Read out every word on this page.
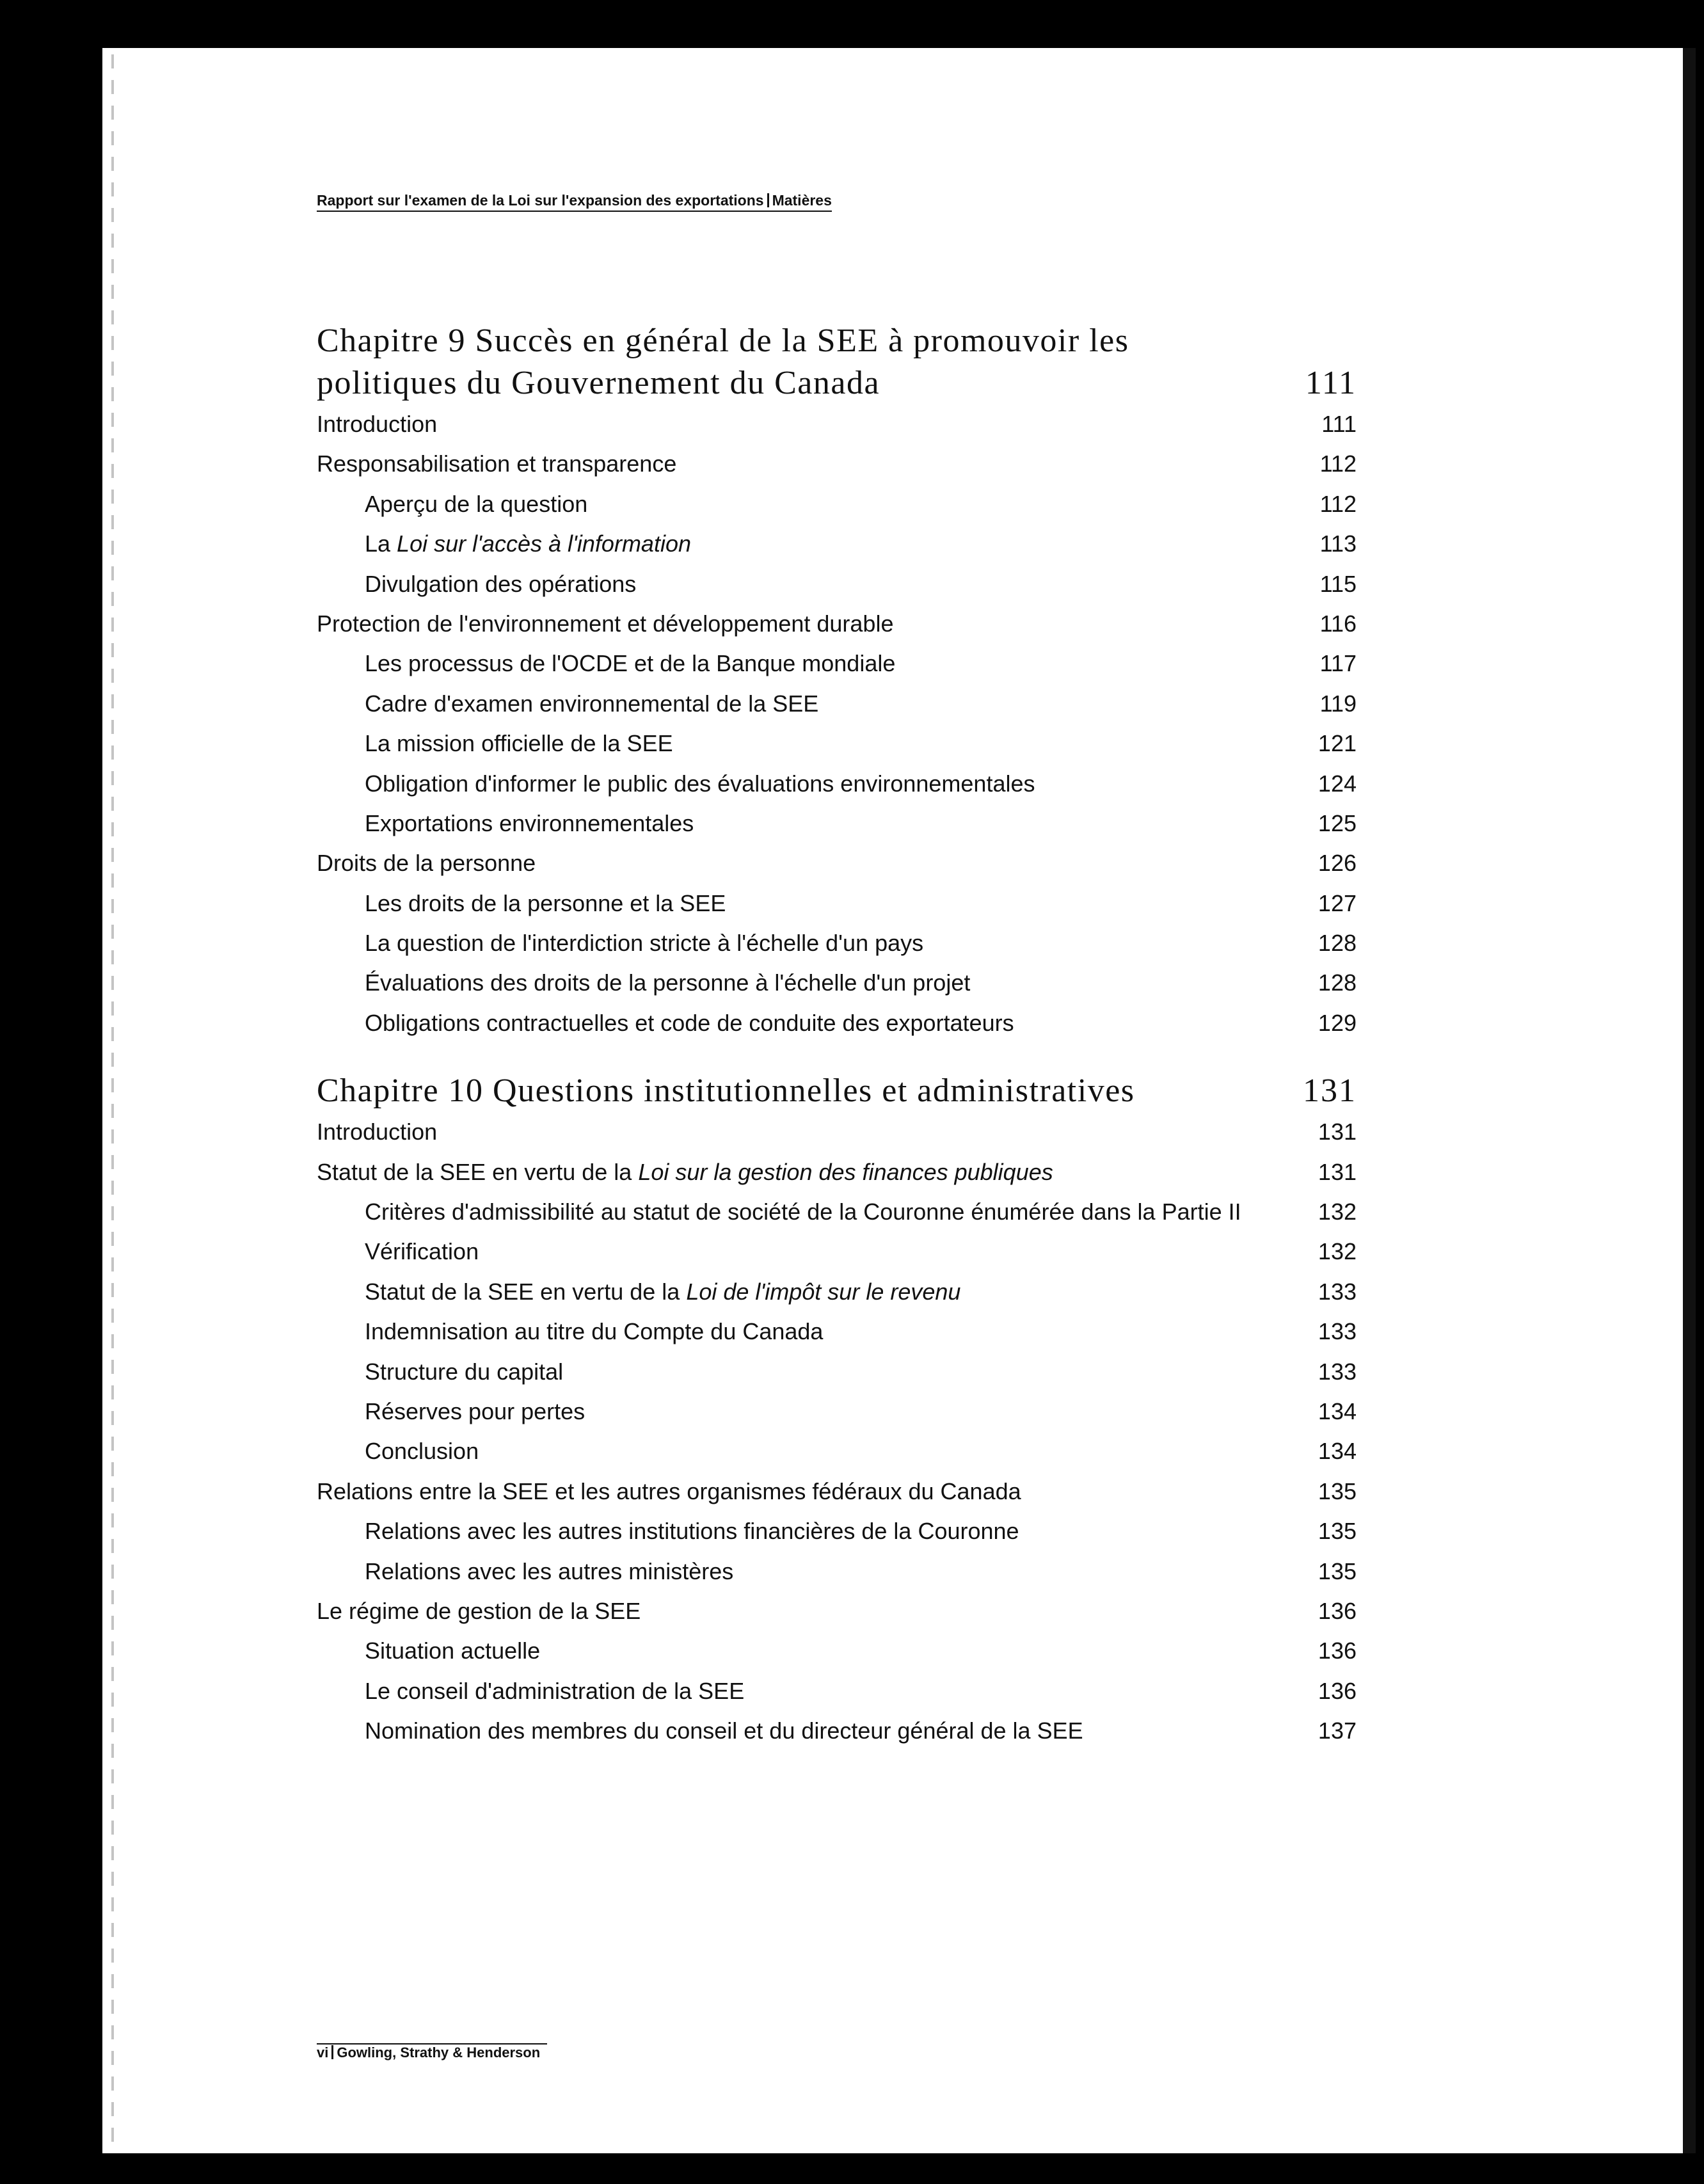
Rapport sur l'examen de la Loi sur l'expansion des exportations Matières
Chapitre 9 Succès en général de la SEE à promouvoir les politiques du Gouvernement du Canada	111
Introduction	111
Responsabilisation et transparence	112
Aperçu de la question	112
La Loi sur l'accès à l'information	113
Divulgation des opérations	115
Protection de l'environnement et développement durable	116
Les processus de l'OCDE et de la Banque mondiale	117
Cadre d'examen environnemental de la SEE	119
La mission officielle de la SEE	121
Obligation d'informer le public des évaluations environnementales	124
Exportations environnementales	125
Droits de la personne	126
Les droits de la personne et la SEE	127
La question de l'interdiction stricte à l'échelle d'un pays	128
Évaluations des droits de la personne à l'échelle d'un projet	128
Obligations contractuelles et code de conduite des exportateurs	129
Chapitre 10 Questions institutionnelles et administratives	131
Introduction	131
Statut de la SEE en vertu de la Loi sur la gestion des finances publiques	131
Critères d'admissibilité au statut de société de la Couronne énumérée dans la Partie II	132
Vérification	132
Statut de la SEE en vertu de la Loi de l'impôt sur le revenu	133
Indemnisation au titre du Compte du Canada	133
Structure du capital	133
Réserves pour pertes	134
Conclusion	134
Relations entre la SEE et les autres organismes fédéraux du Canada	135
Relations avec les autres institutions financières de la Couronne	135
Relations avec les autres ministères	135
Le régime de gestion de la SEE	136
Situation actuelle	136
Le conseil d'administration de la SEE	136
Nomination des membres du conseil et du directeur général de la SEE	137
vi Gowling, Strathy & Henderson
